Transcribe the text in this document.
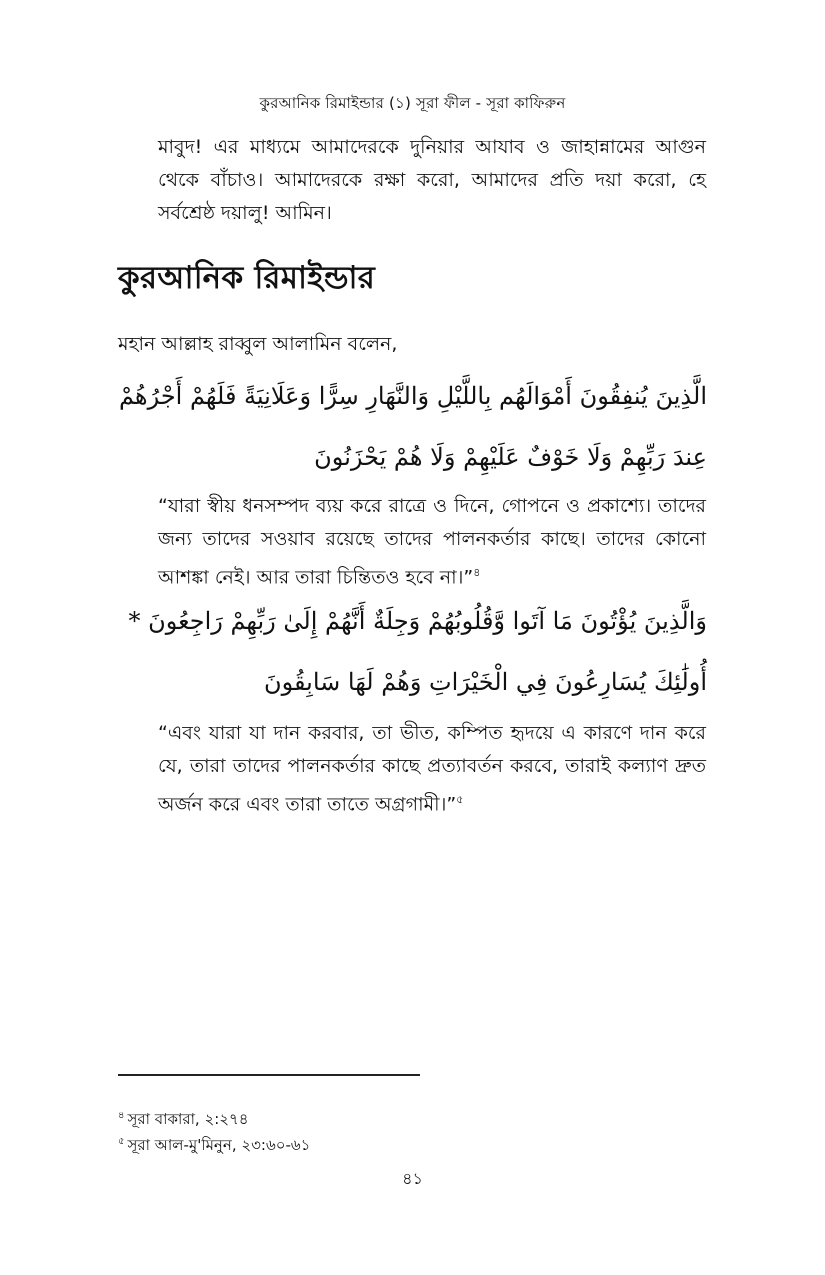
কুরআনিক রিমাইন্ডার (১) সূরা ফীল - সূরা কাফিরুন
মাবুদ! এর মাধ্যমে আমাদেরকে দুনিয়ার আযাব ও জাহান্নামের আগুন থেকে বাঁচাও। আমাদেরকে রক্ষা করো, আমাদের প্রতি দয়া করো, হে সর্বশ্রেষ্ঠ দয়ালু! আমিন।
কুরআনিক রিমাইন্ডার
মহান আল্লাহ রাব্বুল আলামিন বলেন,
الَّذِينَ يُنفِقُونَ أَمْوَالَهُم بِاللَّيْلِ وَالنَّهَارِ سِرًّا وَعَلَانِيَةً فَلَهُمْ أَجْرُهُمْ
عِندَ رَبِّهِمْ وَلَا خَوْفٌ عَلَيْهِمْ وَلَا هُمْ يَحْزَنُونَ
“যারা স্বীয় ধনসম্পদ ব্যয় করে রাত্রে ও দিনে, গোপনে ও প্রকাশ্যে। তাদের জন্য তাদের সওয়াব রয়েছে তাদের পালনকর্তার কাছে। তাদের কোনো আশঙ্কা নেই। আর তারা চিন্তিতও হবে না।”$^৪$
وَالَّذِينَ يُؤْتُونَ مَا آتَوا وَّقُلُوبُهُمْ وَجِلَةٌ أَنَّهُمْ إِلَىٰ رَبِّهِمْ رَاجِعُونَ *
أُولَٰئِكَ يُسَارِعُونَ فِي الْخَيْرَاتِ وَهُمْ لَهَا سَابِقُونَ
“এবং যারা যা দান করবার, তা ভীত, কম্পিত হৃদয়ে এ কারণে দান করে যে, তারা তাদের পালনকর্তার কাছে প্রত্যাবর্তন করবে, তারাই কল্যাণ দ্রুত অর্জন করে এবং তারা তাতে অগ্রগামী।”$^৫$
$^৪$ সূরা বাকারা, ২:২৭৪
$^৫$ সূরা আল-মু'মিনুন, ২৩:৬০-৬১
৪১
